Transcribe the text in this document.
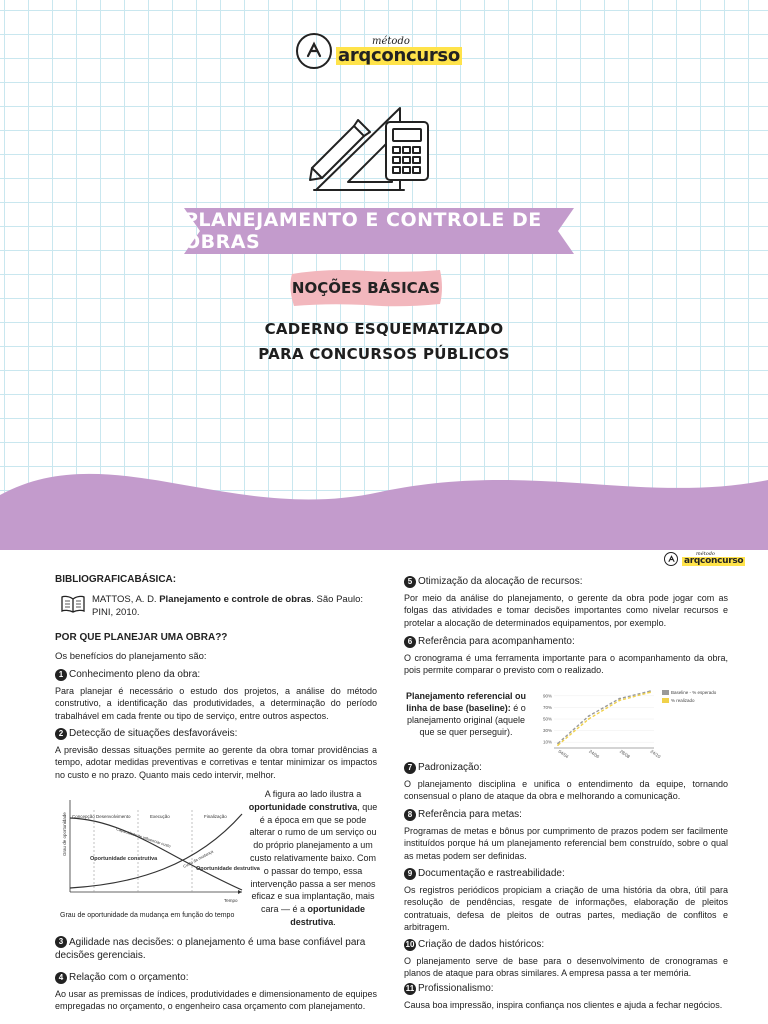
método
arqconcurso
PLANEJAMENTO E CONTROLE DE OBRAS
NOÇÕES BÁSICAS
CADERNO ESQUEMATIZADO
PARA CONCURSOS PÚBLICOS
método
arqconcurso

BIBLIOGRAFICABÁSICA:

MATTOS, A. D. Planejamento e controle de obras. São Paulo:

PINI, 2010.

POR QUE PLANEJAR UMA OBRA??

Os benefícios do planejamento são:

1 Conhecimento pleno da obra:

Para planejar é necessário o estudo dos projetos, a análise do método construtivo, a identificação das produtividades, a determinação do período trabalhável em cada frente ou tipo de serviço, entre outros aspectos.

2 Detecção de situações desfavoráveis:

A previsão dessas situações permite ao gerente da obra tomar providências a tempo, adotar medidas preventivas e corretivas e tentar minimizar os impactos no custo e no prazo. Quanto mais cedo intervir, melhor.

Concepção Desenvolvimento	Execução	Finalização
Capacidade de influenciar custo
Custo da mudança
Oportunidade construtiva
Oportunidade destrutiva
Grau de oportunidade
Tempo
Grau de oportunidade da mudança em função do tempo

A figura ao lado ilustra a oportunidade construtiva, que é a época em que se pode alterar o rumo de um serviço ou do próprio planejamento a um custo relativamente baixo. Com o passar do tempo, essa intervenção passa a ser menos eficaz e sua implantação, mais cara — é a oportunidade destrutiva.

3 Agilidade nas decisões: o planejamento é uma base confiável para decisões gerenciais.

4 Relação com o orçamento:

Ao usar as premissas de índices, produtividades e dimensionamento de equipes empregadas no orçamento, o engenheiro casa orçamento com planejamento.

5 Otimização da alocação de recursos:

Por meio da análise do planejamento, o gerente da obra pode jogar com as folgas das atividades e tomar decisões importantes como nivelar recursos e protelar a alocação de determinados equipamentos, por exemplo.

6 Referência para acompanhamento:

O cronograma é uma ferramenta importante para o acompanhamento da obra, pois permite comparar o previsto com o realizado.

Planejamento referencial ou linha de base (baseline): é o planejamento original (aquele que se quer perseguir).

10%
30%
50%
70%
90%
04/04	24/06	28/08	24/10
Baseline - % esperado
% realizado

7 Padronização:

O planejamento disciplina e unifica o entendimento da equipe, tornando consensual o plano de ataque da obra e melhorando a comunicação.

8 Referência para metas:

Programas de metas e bônus por cumprimento de prazos podem ser facilmente instituídos porque há um planejamento referencial bem construído, sobre o qual as metas podem ser definidas.

9 Documentação e rastreabilidade:

Os registros periódicos propiciam a criação de uma história da obra, útil para resolução de pendências, resgate de informações, elaboração de pleitos contratuais, defesa de pleitos de outras partes, mediação de conflitos e arbitragem.

10 Criação de dados históricos:

O planejamento serve de base para o desenvolvimento de cronogramas e planos de ataque para obras similares. A empresa passa a ter memória.

11 Profissionalismo:

Causa boa impressão, inspira confiança nos clientes e ajuda a fechar negócios.
